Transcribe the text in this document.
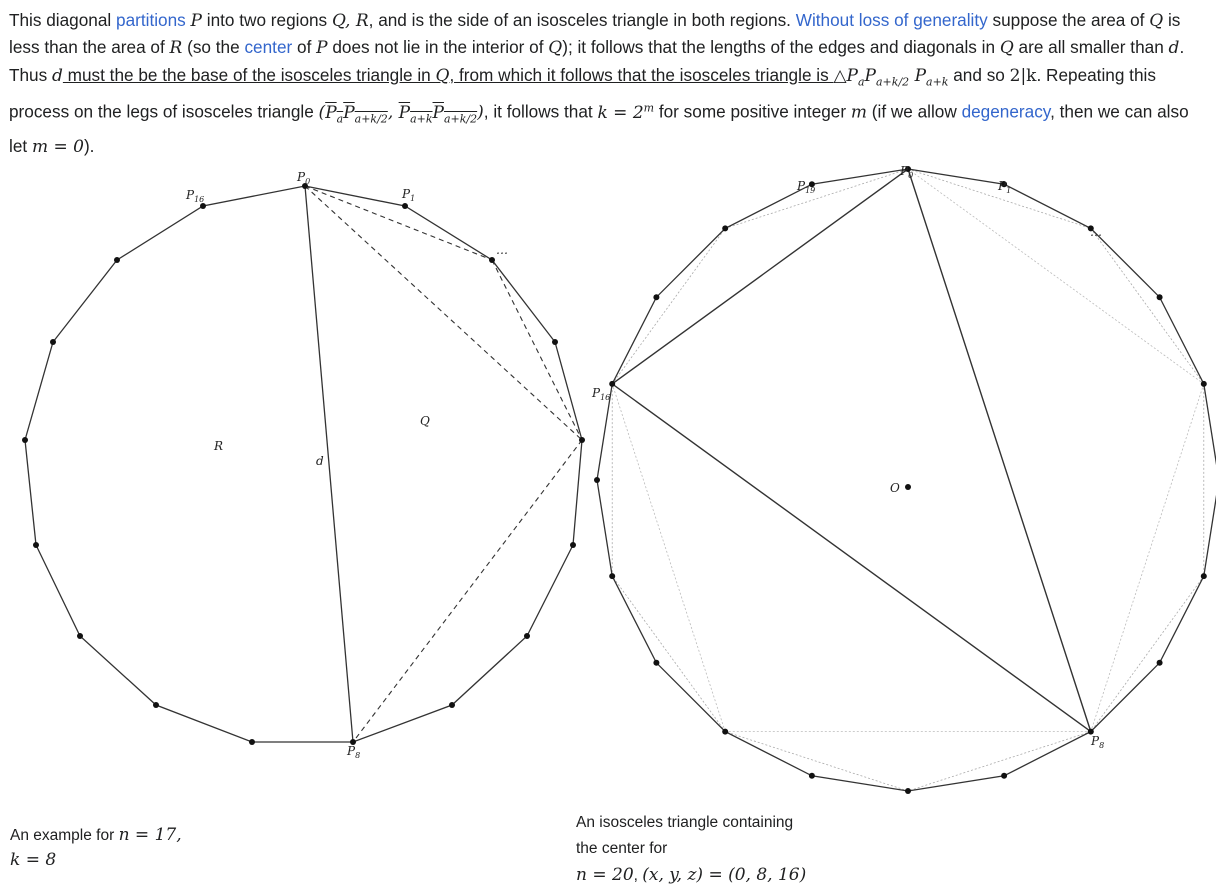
This diagonal partitions P into two regions Q, R, and is the side of an isosceles triangle in both regions. Without loss of generality suppose the area of Q is less than the area of R (so the center of P does not lie in the interior of Q); it follows that the lengths of the edges and diagonals in Q are all smaller than d. Thus d must the be the base of the isosceles triangle in Q, from which it follows that the isosceles triangle is $\triangle P_aP_{a+k/2}$ $P_{a+k}$ and so 2|k. Repeating this process on the legs of isosceles triangle ($P_aP_{a+k/2}$, $P_{a+k}P_{a+k/2}$), it follows that $k = 2^m$ for some positive integer m (if we allow degeneracy, then we can also let m = 0).

$P_0$
$P_1$
$P_{16}$
$P_8$
…
R
Q
d
O
$P_0$
$P_1$
$P_{19}$
$P_{16}$
$P_8$
…
An example for n = 17,
k = 8
An isosceles triangle containing
the center for
n = 20, (x, y, z) = (0, 8, 16)
